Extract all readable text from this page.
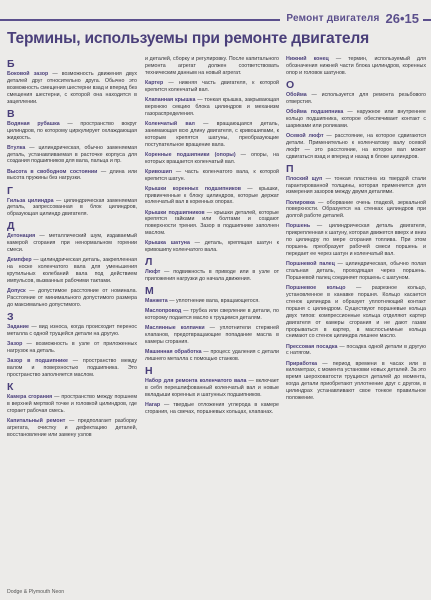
Ремонт двигателя 26•15
Термины, используемы при ремонте двигателя
Б
Боковой зазор — возможность движения двух деталей друг относительно друга. Обычно это возможность смещения шестерни взад и вперед без смещения шестерни, с которой она находится в зацеплении.
В
Водяная рубашка — пространство вокруг цилиндров, по которому циркулирует охлаждающая жидкость.
Втулка — цилиндрическая, обычно заменяемая деталь, устанавливаемая в расточке корпуса для создания подшипников для вала, пальца и пр.
Высота в свободном состоянии — длина или высота пружины без нагрузки.
Г
Гильза цилиндра — цилиндрическая заменяемая деталь, запрессованная в блок цилиндров, образующая цилиндр двигателя.
Д
Детонация — металлический шум, издаваемый камерой сгорания при ненормальном горении смеси.
Демпфер — цилиндрическая деталь, закрепленная на носке коленчатого вала для уменьшения крутильных колебаний вала под действием импульсов, вызванных рабочими тактами.
Допуск — допустимое расстояние от номинала. Расстояние от минимального допустимого размера до максимально допустимого.
З
Задание — вид износа, когда происходит перенос металла с одной трущейся детали на другую.
Зазор — возможность в узле от приложенных нагрузок на деталь.
Зазор в подшипнике — пространство между валом и поверхностью подшипника. Это пространство заполняется маслом.
К
Камера сгорания — пространство между поршнем в верхней мертвой точке и головкой цилиндров, где сгорает рабочая смесь.
Капитальный ремонт — предполагает разборку агрегата, очистку и дефектацию деталей, восстановление или замену узлов
и деталей, сборку и регулировку. После капитального ремонта агрегат должен соответствовать техническим данным на новый агрегат.
Картер — нижняя часть двигателя, к которой крепится коленчатый вал.
Клапанная крышка — тонкая крышка, закрывающая верхнюю секцию блока цилиндров и механизм газораспределения.
Коленчатый вал — вращающаяся деталь, занимающая всю длину двигателя, с кривошипами, к которым крепятся шатуны, преобразующие поступательное вращение вала.
Коренные подшипники (опоры) — опоры, на которых вращается коленчатый вал.
Кривошип — часть коленчатого вала, к которой крепится шатун.
Крышки коренных подшипников — крышки, привинченные к блоку цилиндров, которые держат коленчатый вал в коренных опорах.
Крышки подшипников — крышки деталей, которые крепятся гайками или болтами и создают поверхности трения. Зазор в подшипнике заполнен маслом.
Крышка шатуна — деталь, крепящая шатун к кривошипу коленчатого вала.
Л
Люфт — подвижность в приводе или в узле от приложения нагрузки до начала движения.
М
Манжета — уплотнение вала, вращающегося.
Маслопровод — трубка или сверление в детали, по которому подается масло к трущимся деталям.
Маслянные колпачки — уплотнители стержней клапанов, предотвращающие попадание масла в камеры сгорания.
Машинная обработка — процесс удаления с детали лишнего металла с помощью станков.
Н
Набор для ремонта коленчатого вала — включает в себя перешлифованный коленчатый вал и новые вкладыши коренных и шатунных подшипников.
Нагар — твердые отложения углерода в камере сгорания, на свечах, поршневых кольцах, клапанах.
Нижний конец — термин, используемый для обозначения нижней части блока цилиндров, коренных опор и головок шатунов.
О
Обойма — используется для ремонта резьбового отверстия.
Обойма подшипника — наружное или внутреннее кольцо подшипника, которое обеспечивает контакт с шариками или роликами.
Осевой люфт — расстояние, на которое сдвигаются детали. Применительно к коленчатому валу осевой люфт — это расстояние, на которое вал может сдвигаться взад и вперед и назад в блоке цилиндров.
П
Плоский щуп — тонкая пластина из твердой стали гарантированной толщины, которая применяется для измерения зазоров между двумя деталями.
Полировка — оборвание очень гладкой, зеркальной поверхности. Образуется на стенках цилиндров при долгой работе деталей.
Поршень — цилиндрическая деталь двигателя, прикрепленная к шатуну, которая движется вверх и вниз по цилиндру по мере сгорания топлива. При этом поршень преобразует рабочей смеси поршень и передает ее через шатун и коленчатый вал.
Поршневой палец — цилиндрическая, обычно полая стальная деталь, проходящая через поршень. Поршневой палец соединяет поршень с шатуном.
Поршневое кольцо — разрезное кольцо, установленное в канавке поршня. Кольцо касается стенок цилиндра и образует уплотняющий контакт поршня с цилиндром. Существуют поршневые кольца двух типов: компрессионные кольца отделяют картер двигателя от камеры сгорания и не дают газам прорываться в картер, в маслосъемные кольца снимают со стенок цилиндра лишнее масло.
Прессовая посадка — посадка одной детали в другую с натягом.
Приработка — период времени в часах или в километрах, с момента установки новых деталей. За это время шероховатости трущихся деталей до момента, когда детали приобретают уплотнение друг с другом, в цилиндрах устанавливают свое тонкое правильное положение.
Dodge & Plymouth Neon
